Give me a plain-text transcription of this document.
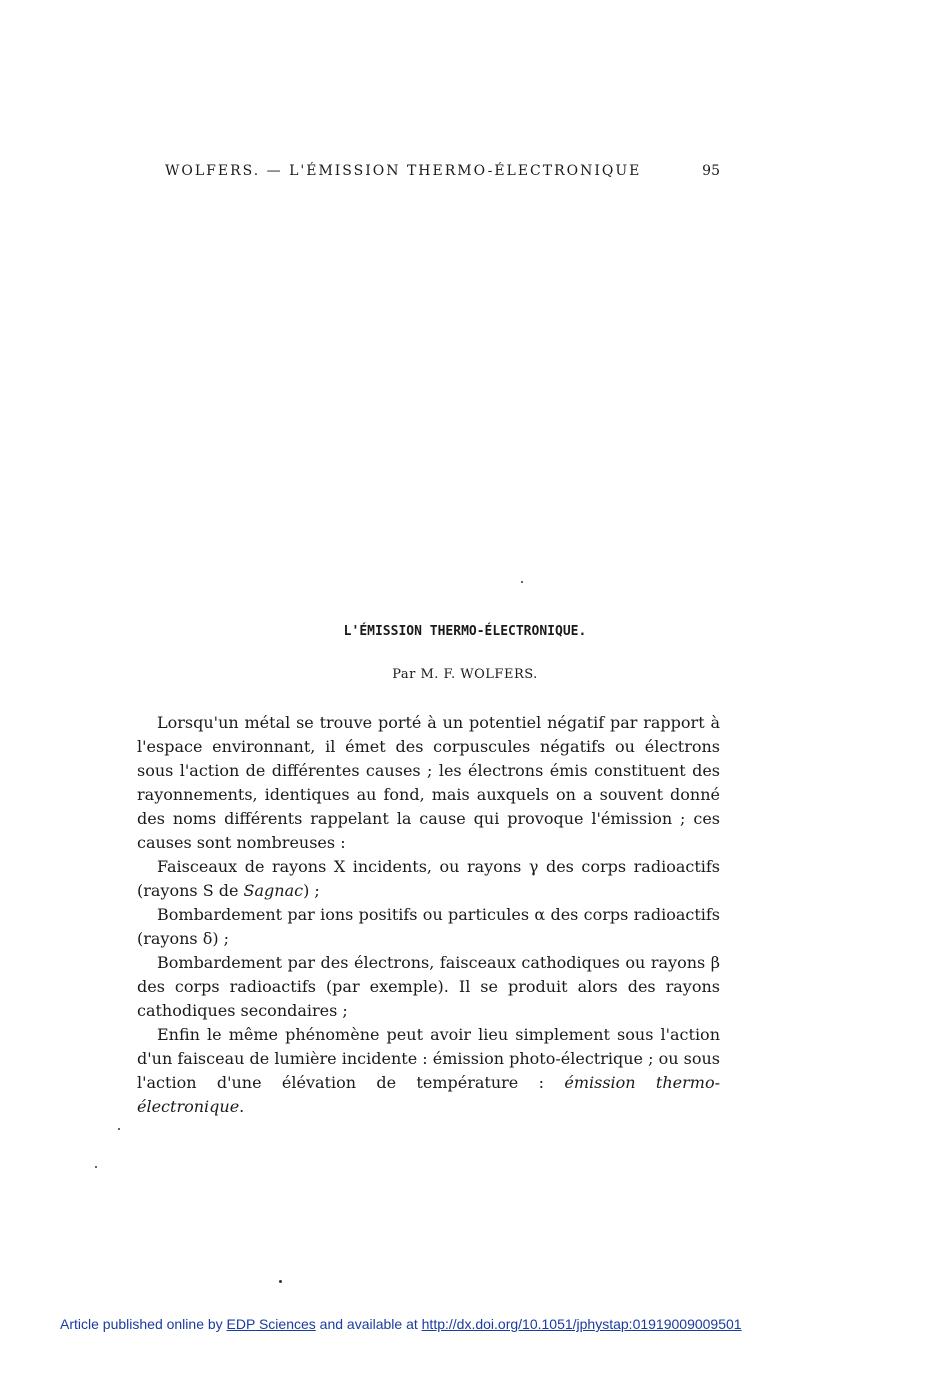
WOLFERS. — L'ÉMISSION THERMO-ÉLECTRONIQUE	95
L'ÉMISSION THERMO-ÉLECTRONIQUE.
Par M. F. WOLFERS.

Lorsqu'un métal se trouve porté à un potentiel négatif par rapport à l'espace environnant, il émet des corpuscules négatifs ou électrons sous l'action de différentes causes ; les électrons émis constituent des rayonnements, identiques au fond, mais auxquels on a souvent donné des noms différents rappelant la cause qui provoque l'émission ; ces causes sont nombreuses :

Faisceaux de rayons X incidents, ou rayons γ des corps radioactifs (rayons S de Sagnac) ;

Bombardement par ions positifs ou particules α des corps radioactifs (rayons δ) ;

Bombardement par des électrons, faisceaux cathodiques ou rayons β des corps radioactifs (par exemple). Il se produit alors des rayons cathodiques secondaires ;

Enfin le même phénomène peut avoir lieu simplement sous l'action d'un faisceau de lumière incidente : émission photo-électrique ; ou sous l'action d'une élévation de température : émission thermo-électronique.

Article published online by EDP Sciences and available at http://dx.doi.org/10.1051/jphystap:01919009009501
